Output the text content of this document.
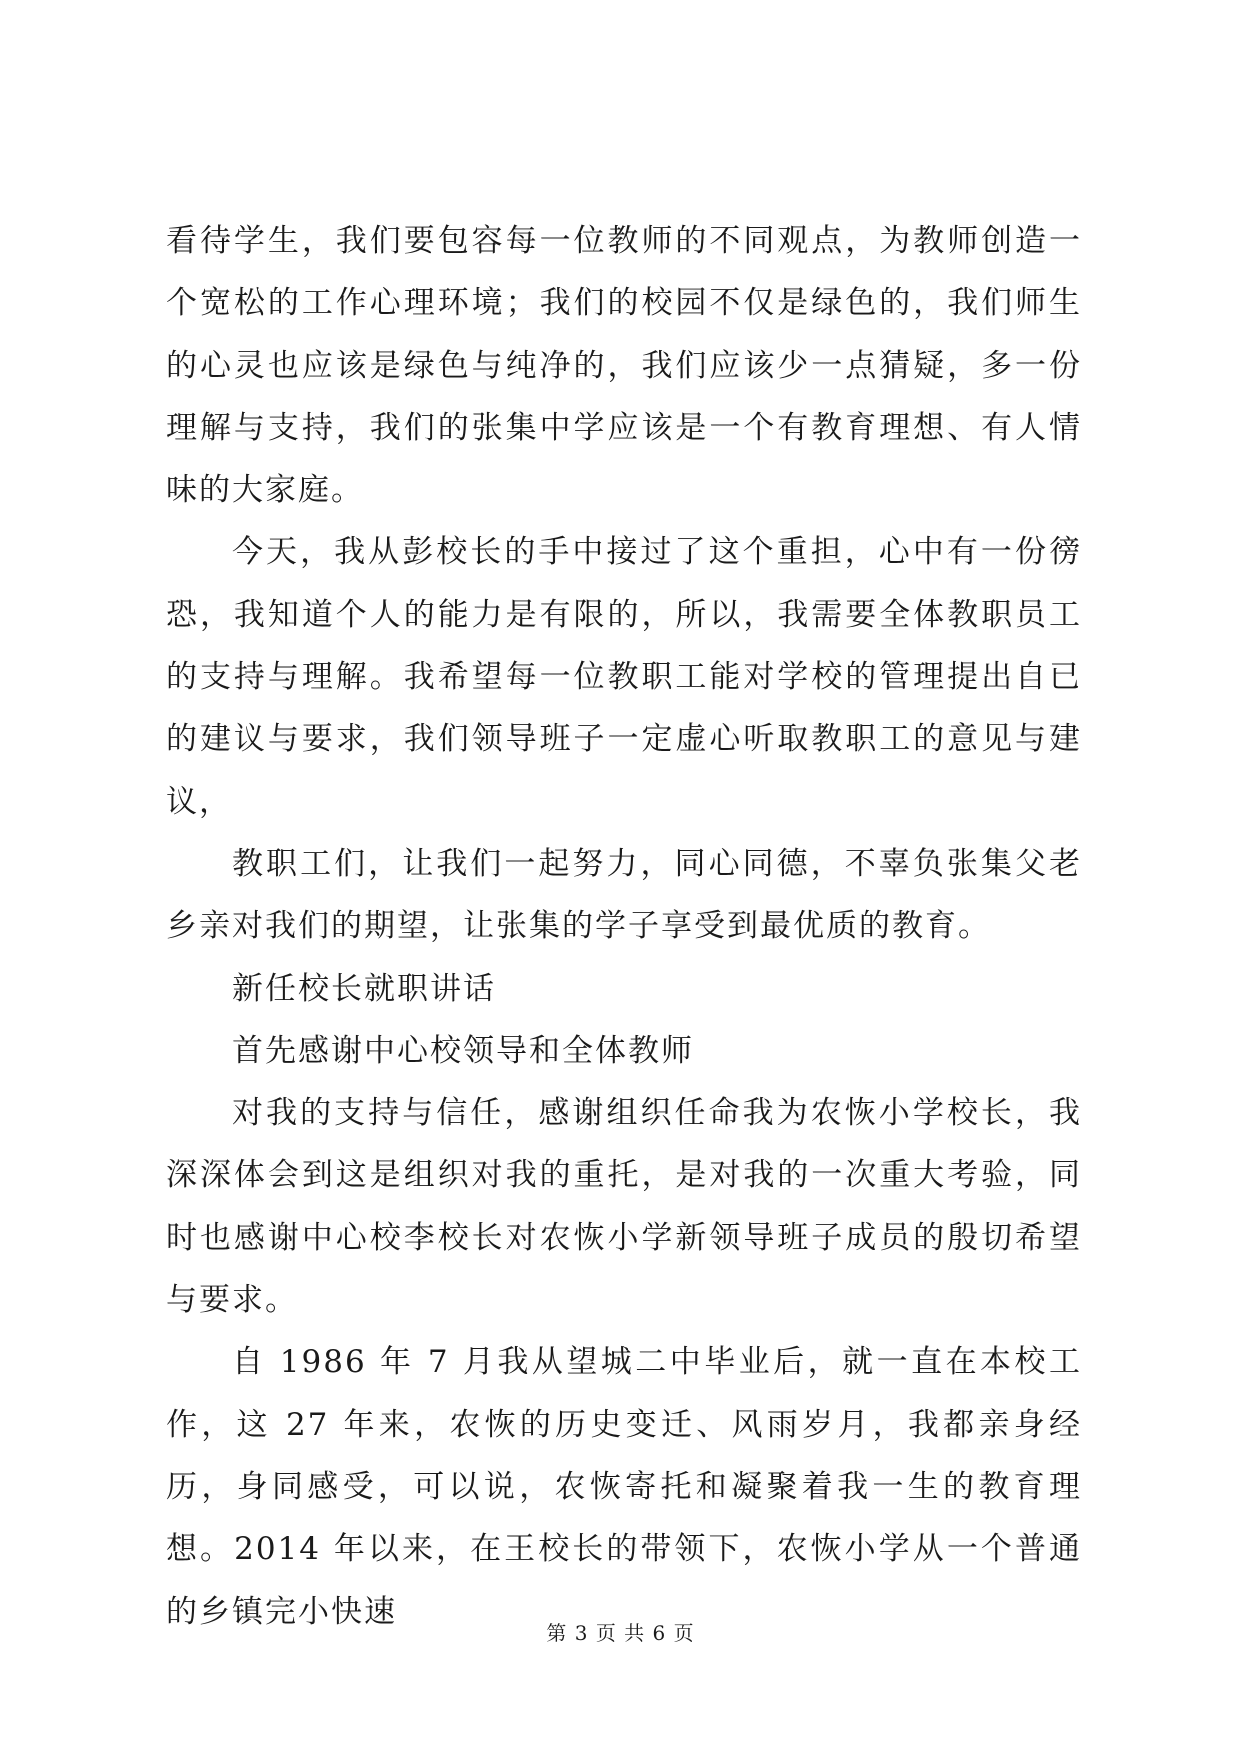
看待学生，我们要包容每一位教师的不同观点，为教师创造一个宽松的工作心理环境；我们的校园不仅是绿色的，我们师生的心灵也应该是绿色与纯净的，我们应该少一点猜疑，多一份理解与支持，我们的张集中学应该是一个有教育理想、有人情味的大家庭。

今天，我从彭校长的手中接过了这个重担，心中有一份徬恐，我知道个人的能力是有限的，所以，我需要全体教职员工的支持与理解。我希望每一位教职工能对学校的管理提出自已的建议与要求，我们领导班子一定虚心听取教职工的意见与建议，

教职工们，让我们一起努力，同心同德，不辜负张集父老乡亲对我们的期望，让张集的学子享受到最优质的教育。

新任校长就职讲话

首先感谢中心校领导和全体教师

对我的支持与信任，感谢组织任命我为农恢小学校长，我深深体会到这是组织对我的重托，是对我的一次重大考验，同时也感谢中心校李校长对农恢小学新领导班子成员的殷切希望与要求。

自 1986 年 7 月我从望城二中毕业后，就一直在本校工作，这 27 年来，农恢的历史变迁、风雨岁月，我都亲身经历，身同感受，可以说，农恢寄托和凝聚着我一生的教育理想。2014 年以来，在王校长的带领下，农恢小学从一个普通的乡镇完小快速

第 3 页 共 6 页
